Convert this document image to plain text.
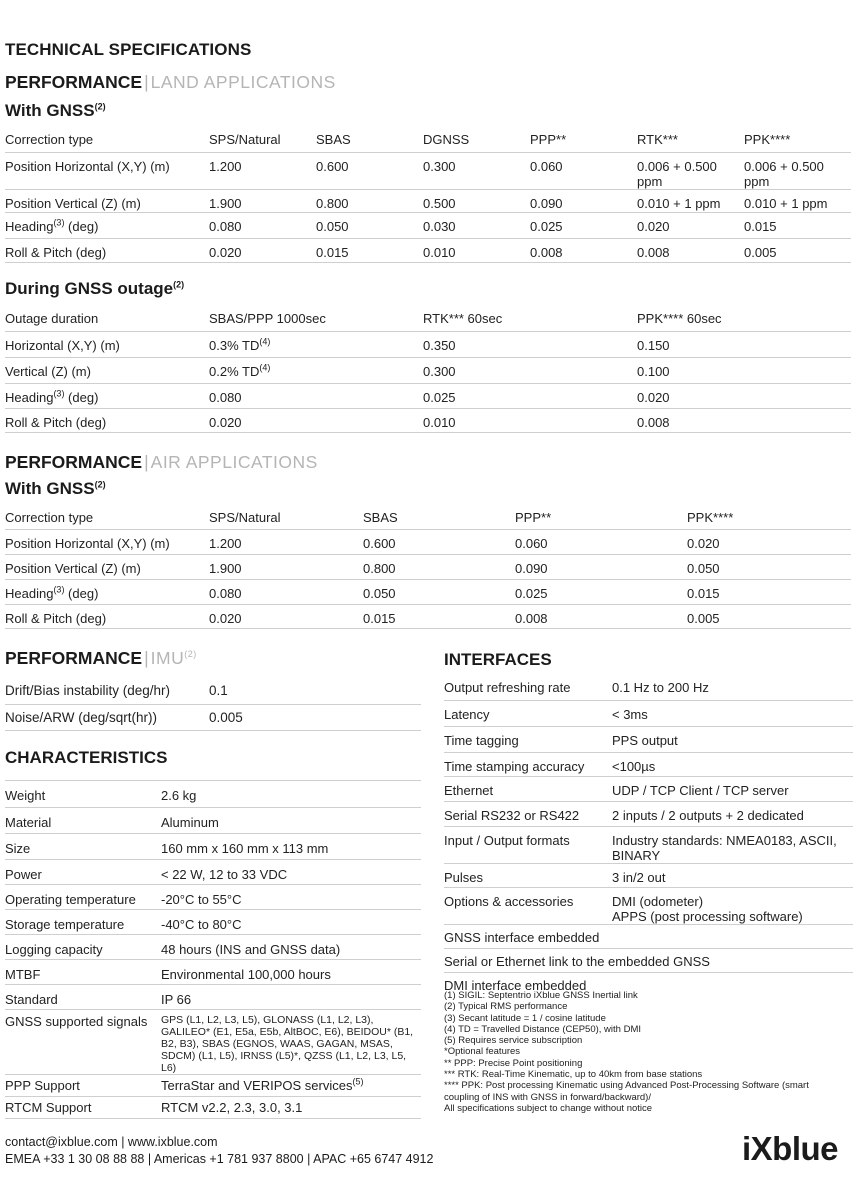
TECHNICAL SPECIFICATIONS
PERFORMANCE | LAND APPLICATIONS
With GNSS$^{(2)}$
Correction type	SPS/Natural	SBAS	DGNSS	PPP**	RTK***	PPK****
Position Horizontal (X,Y) (m)	1.200	0.600	0.300	0.060	0.006 + 0.500 ppm	0.006 + 0.500 ppm
Position Vertical (Z) (m)	1.900	0.800	0.500	0.090	0.010 + 1 ppm	0.010 + 1 ppm
Heading$^{(3)}$ (deg)	0.080	0.050	0.030	0.025	0.020	0.015
Roll & Pitch (deg)	0.020	0.015	0.010	0.008	0.008	0.005
During GNSS outage$^{(2)}$
Outage duration	SBAS/PPP 1000sec	RTK*** 60sec	PPK**** 60sec
Horizontal (X,Y) (m)	0.3% TD$^{(4)}$	0.350	0.150
Vertical (Z) (m)	0.2% TD$^{(4)}$	0.300	0.100
Heading$^{(3)}$ (deg)	0.080	0.025	0.020
Roll & Pitch (deg)	0.020	0.010	0.008
PERFORMANCE | AIR APPLICATIONS
With GNSS$^{(2)}$
Correction type	SPS/Natural	SBAS	PPP**	PPK****
Position Horizontal (X,Y) (m)	1.200	0.600	0.060	0.020
Position Vertical (Z) (m)	1.900	0.800	0.090	0.050
Heading$^{(3)}$ (deg)	0.080	0.050	0.025	0.015
Roll & Pitch (deg)	0.020	0.015	0.008	0.005
PERFORMANCE | IMU$^{(2)}$
Drift/Bias instability (deg/hr)	0.1
Noise/ARW (deg/sqrt(hr))	0.005
CHARACTERISTICS
Weight	2.6 kg
Material	Aluminum
Size	160 mm x 160 mm x 113 mm
Power	< 22 W, 12 to 33 VDC
Operating temperature	-20°C to 55°C
Storage temperature	-40°C to 80°C
Logging capacity	48 hours (INS and GNSS data)
MTBF	Environmental 100,000 hours
Standard	IP 66
GNSS supported signals	GPS (L1, L2, L3, L5), GLONASS (L1, L2, L3), GALILEO* (E1, E5a, E5b, AltBOC, E6), BEIDOU* (B1, B2, B3), SBAS (EGNOS, WAAS, GAGAN, MSAS, SDCM) (L1, L5), IRNSS (L5)*, QZSS (L1, L2, L3, L5, L6)
PPP Support	TerraStar and VERIPOS services$^{(5)}$
RTCM Support	RTCM v2.2, 2.3, 3.0, 3.1
INTERFACES
Output refreshing rate	0.1 Hz to 200 Hz
Latency	< 3ms
Time tagging	PPS output
Time stamping accuracy	<100µs
Ethernet	UDP / TCP Client / TCP server
Serial RS232 or RS422	2 inputs / 2 outputs + 2 dedicated
Input / Output formats	Industry standards: NMEA0183, ASCII, BINARY
Pulses	3 in/2 out
Options & accessories	DMI (odometer)
APPS (post processing software)
GNSS interface embedded	
Serial or Ethernet link to the embedded GNSS	
DMI interface embedded	
(1) SIGIL: Septentrio iXblue GNSS Inertial link
(2) Typical RMS performance
(3) Secant latitude = 1 / cosine latitude
(4) TD = Travelled Distance (CEP50), with DMI
(5) Requires service subscription
*Optional features
** PPP: Precise Point positioning
*** RTK: Real-Time Kinematic, up to 40km from base stations
**** PPK: Post processing Kinematic using Advanced Post-Processing Software (smart coupling of INS with GNSS in forward/backward)/
All specifications subject to change without notice
contact@ixblue.com | www.ixblue.com
EMEA +33 1 30 08 88 88 | Americas +1 781 937 8800 | APAC +65 6747 4912	iXblue
